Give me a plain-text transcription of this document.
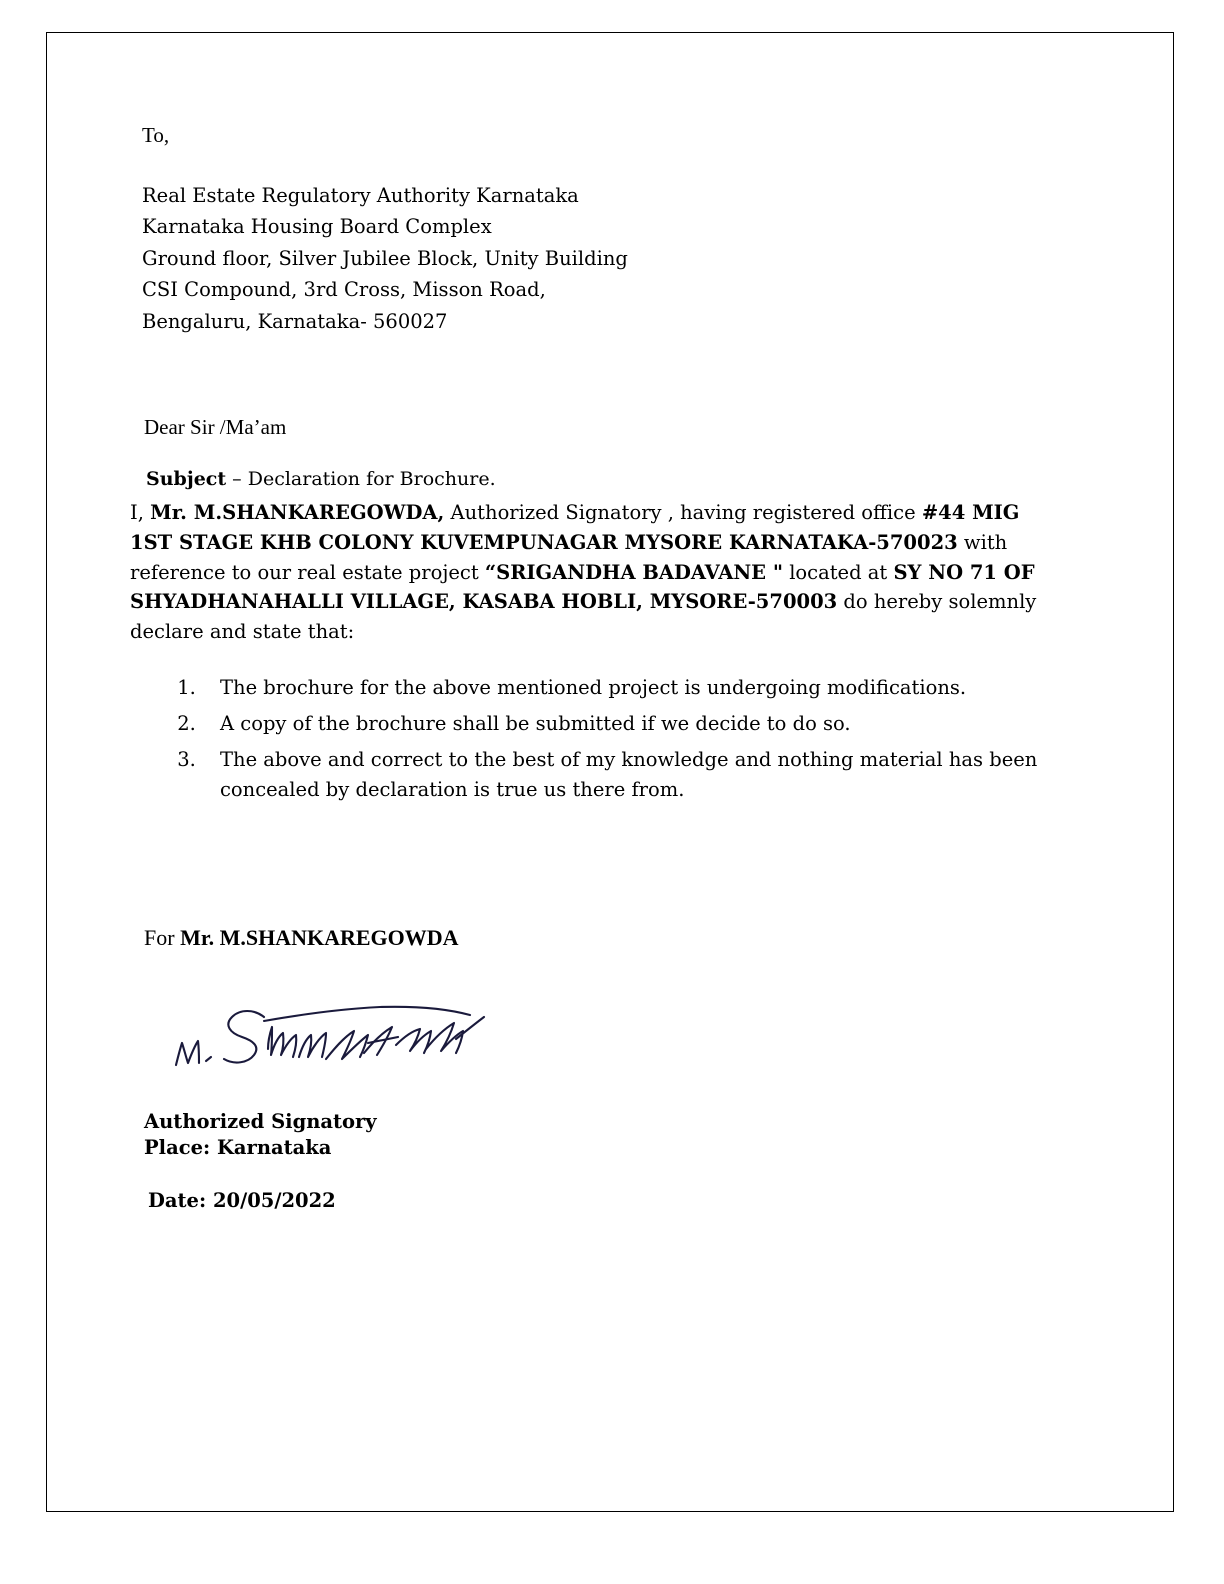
To,
Real Estate Regulatory Authority Karnataka
Karnataka Housing Board Complex
Ground floor, Silver Jubilee Block, Unity Building
CSI Compound, 3rd Cross, Misson Road,
Bengaluru, Karnataka- 560027
Dear Sir /Ma’am
Subject – Declaration for Brochure.
I, Mr. M.SHANKAREGOWDA, Authorized Signatory , having registered office #44 MIG 1ST STAGE KHB COLONY KUVEMPUNAGAR MYSORE KARNATAKA-570023 with reference to our real estate project “SRIGANDHA BADAVANE " located at SY NO 71 OF SHYADHANAHALLI VILLAGE, KASABA HOBLI, MYSORE-570003 do hereby solemnly declare and state that:
1. The brochure for the above mentioned project is undergoing modifications.
2. A copy of the brochure shall be submitted if we decide to do so.
3. The above and correct to the best of my knowledge and nothing material has been concealed by declaration is true us there from.
For Mr. M.SHANKAREGOWDA
Authorized Signatory
Place: Karnataka
Date: 20/05/2022
